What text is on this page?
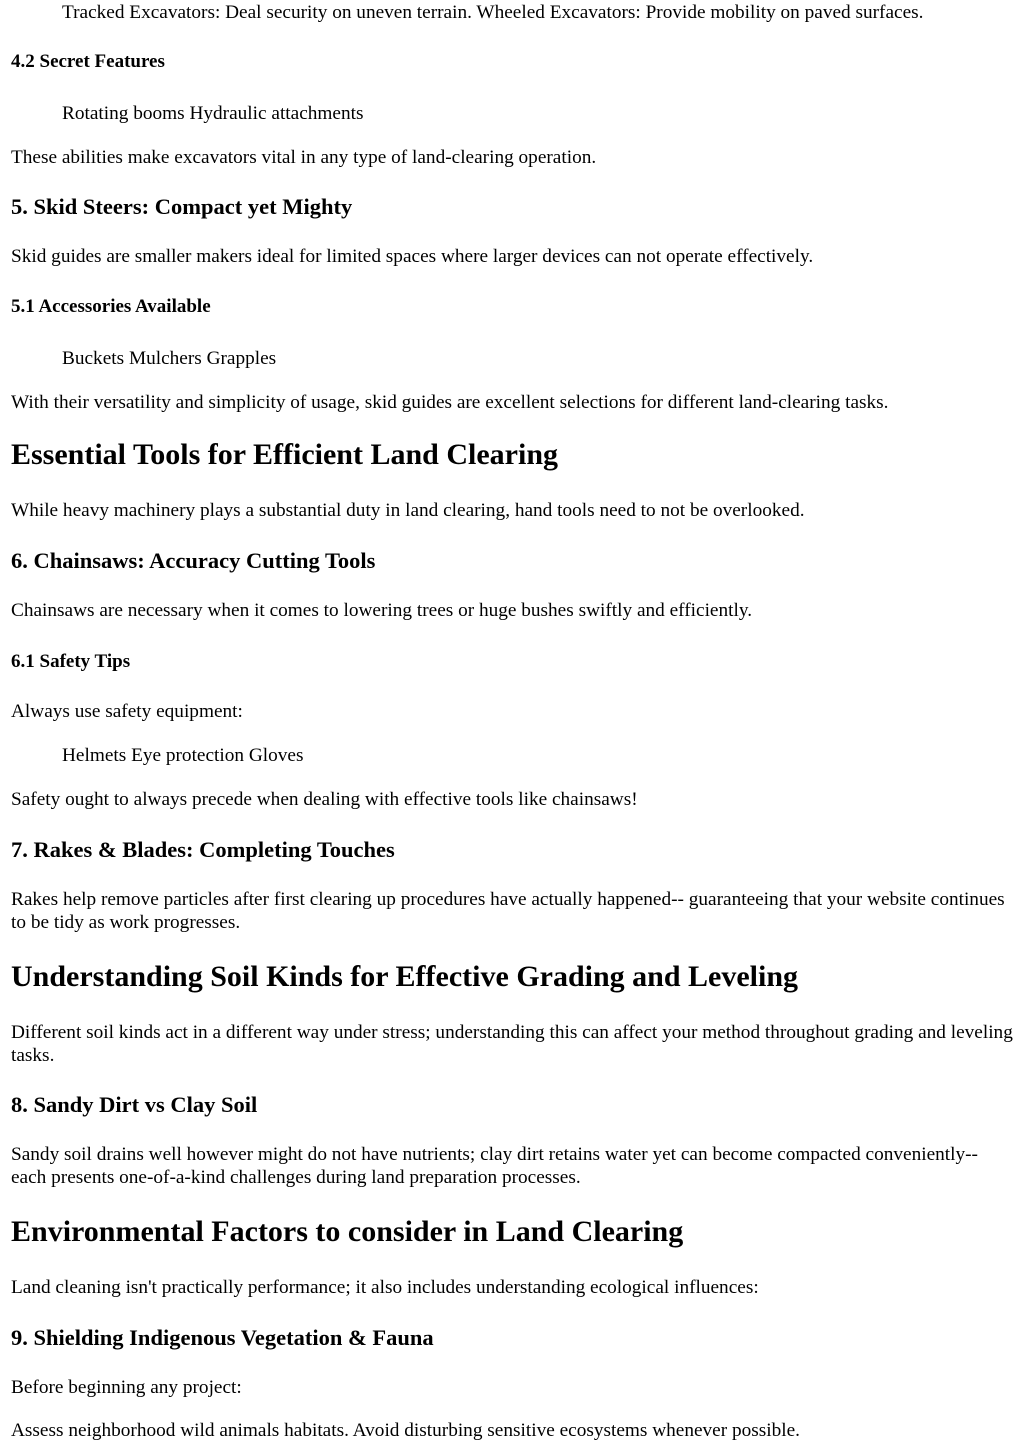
Tracked Excavators: Deal security on uneven terrain. Wheeled Excavators: Provide mobility on paved surfaces.

4.2 Secret Features

Rotating booms Hydraulic attachments

These abilities make excavators vital in any type of land-clearing operation.

5. Skid Steers: Compact yet Mighty

Skid guides are smaller makers ideal for limited spaces where larger devices can not operate effectively.

5.1 Accessories Available

Buckets Mulchers Grapples

With their versatility and simplicity of usage, skid guides are excellent selections for different land-clearing tasks.

Essential Tools for Efficient Land Clearing

While heavy machinery plays a substantial duty in land clearing, hand tools need to not be overlooked.

6. Chainsaws: Accuracy Cutting Tools

Chainsaws are necessary when it comes to lowering trees or huge bushes swiftly and efficiently.

6.1 Safety Tips

Always use safety equipment:

Helmets Eye protection Gloves

Safety ought to always precede when dealing with effective tools like chainsaws!

7. Rakes & Blades: Completing Touches

Rakes help remove particles after first clearing up procedures have actually happened-- guaranteeing that your website continues to be tidy as work progresses.

Understanding Soil Kinds for Effective Grading and Leveling

Different soil kinds act in a different way under stress; understanding this can affect your method throughout grading and leveling tasks.

8. Sandy Dirt vs Clay Soil

Sandy soil drains well however might do not have nutrients; clay dirt retains water yet can become compacted conveniently-- each presents one-of-a-kind challenges during land preparation processes.

Environmental Factors to consider in Land Clearing

Land cleaning isn't practically performance; it also includes understanding ecological influences:

9. Shielding Indigenous Vegetation & Fauna

Before beginning any project:

Assess neighborhood wild animals habitats. Avoid disturbing sensitive ecosystems whenever possible.
